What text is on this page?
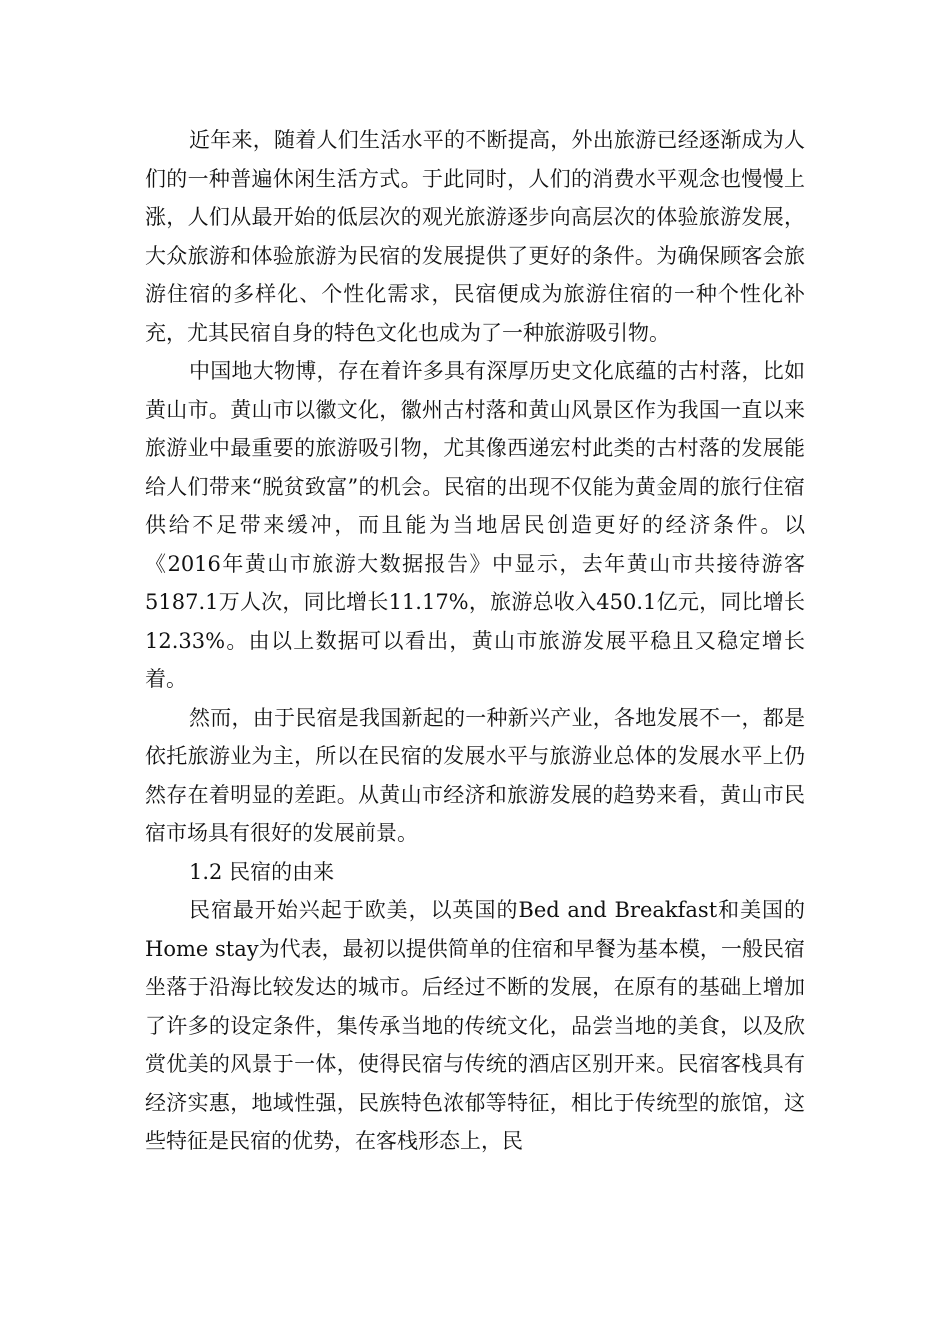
近年来，随着人们生活水平的不断提高，外出旅游已经逐渐成为人们的一种普遍休闲生活方式。于此同时，人们的消费水平观念也慢慢上涨，人们从最开始的低层次的观光旅游逐步向高层次的体验旅游发展，大众旅游和体验旅游为民宿的发展提供了更好的条件。为确保顾客会旅游住宿的多样化、个性化需求，民宿便成为旅游住宿的一种个性化补充，尤其民宿自身的特色文化也成为了一种旅游吸引物。

中国地大物博，存在着许多具有深厚历史文化底蕴的古村落，比如黄山市。黄山市以徽文化，徽州古村落和黄山风景区作为我国一直以来旅游业中最重要的旅游吸引物，尤其像西递宏村此类的古村落的发展能给人们带来“脱贫致富”的机会。民宿的出现不仅能为黄金周的旅行住宿供给不足带来缓冲，而且能为当地居民创造更好的经济条件。以《2016年黄山市旅游大数据报告》中显示，去年黄山市共接待游客5187.1万人次，同比增长11.17%，旅游总收入450.1亿元，同比增长12.33%。由以上数据可以看出，黄山市旅游发展平稳且又稳定增长着。

然而，由于民宿是我国新起的一种新兴产业，各地发展不一，都是依托旅游业为主，所以在民宿的发展水平与旅游业总体的发展水平上仍然存在着明显的差距。从黄山市经济和旅游发展的趋势来看，黄山市民宿市场具有很好的发展前景。

1.2 民宿的由来

民宿最开始兴起于欧美，以英国的Bed and Breakfast和美国的Home stay为代表，最初以提供简单的住宿和早餐为基本模，一般民宿坐落于沿海比较发达的城市。后经过不断的发展，在原有的基础上增加了许多的设定条件，集传承当地的传统文化，品尝当地的美食，以及欣赏优美的风景于一体，使得民宿与传统的酒店区别开来。民宿客栈具有经济实惠，地域性强，民族特色浓郁等特征，相比于传统型的旅馆，这些特征是民宿的优势，在客栈形态上，民
